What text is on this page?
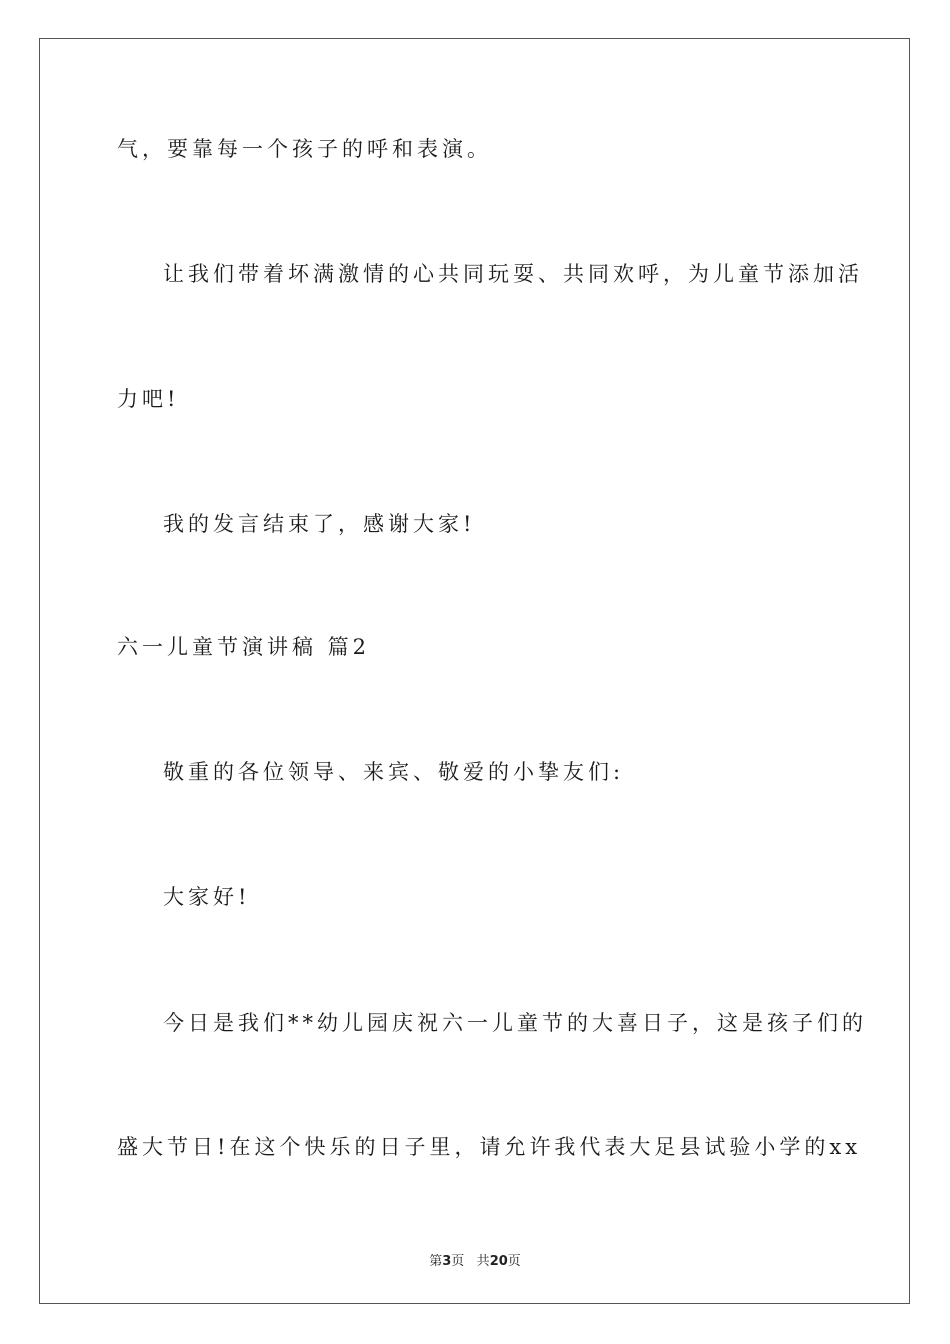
气，要靠每一个孩子的呼和表演。
让我们带着坏满激情的心共同玩耍、共同欢呼，为儿童节添加活
力吧!
我的发言结束了，感谢大家!
六一儿童节演讲稿 篇2
敬重的各位领导、来宾、敬爱的小挚友们:
大家好!
今日是我们**幼儿园庆祝六一儿童节的大喜日子，这是孩子们的
盛大节日!在这个快乐的日子里，请允许我代表大足县试验小学的xx
第3页 共20页
